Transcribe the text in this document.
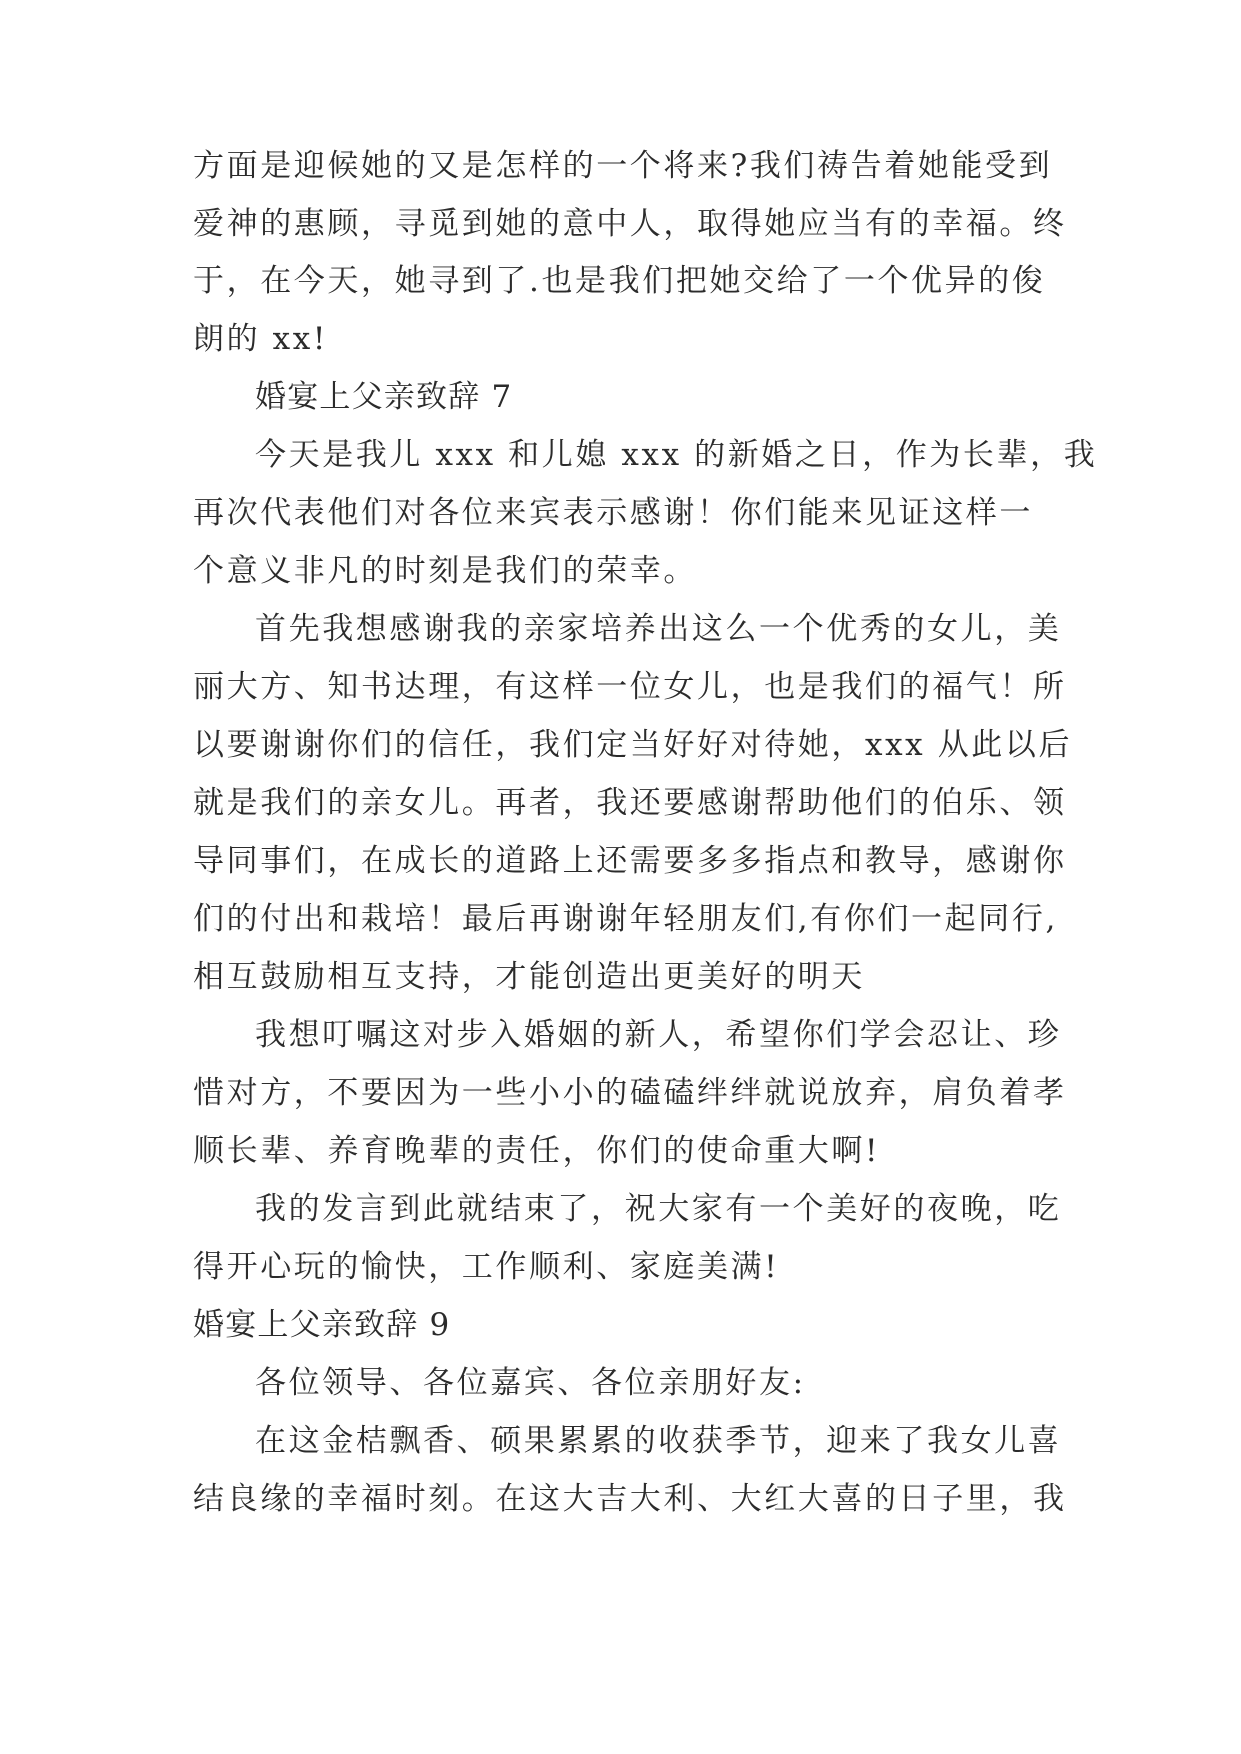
方面是迎候她的又是怎样的一个将来?我们祷告着她能受到

爱神的惠顾，寻觅到她的意中人，取得她应当有的幸福。终

于，在今天，她寻到了.也是我们把她交给了一个优异的俊

朗的 xx!

婚宴上父亲致辞 7

今天是我儿 xxx 和儿媳 xxx 的新婚之日，作为长辈，我

再次代表他们对各位来宾表示感谢！你们能来见证这样一

个意义非凡的时刻是我们的荣幸。

首先我想感谢我的亲家培养出这么一个优秀的女儿，美

丽大方、知书达理，有这样一位女儿，也是我们的福气！所

以要谢谢你们的信任，我们定当好好对待她，xxx 从此以后

就是我们的亲女儿。再者，我还要感谢帮助他们的伯乐、领

导同事们，在成长的道路上还需要多多指点和教导，感谢你

们的付出和栽培！最后再谢谢年轻朋友们,有你们一起同行,

相互鼓励相互支持，才能创造出更美好的明天

我想叮嘱这对步入婚姻的新人，希望你们学会忍让、珍

惜对方，不要因为一些小小的磕磕绊绊就说放弃，肩负着孝

顺长辈、养育晚辈的责任，你们的使命重大啊!

我的发言到此就结束了，祝大家有一个美好的夜晚，吃

得开心玩的愉快，工作顺利、家庭美满!

婚宴上父亲致辞 9

各位领导、各位嘉宾、各位亲朋好友:

在这金桔飘香、硕果累累的收获季节，迎来了我女儿喜

结良缘的幸福时刻。在这大吉大利、大红大喜的日子里，我
